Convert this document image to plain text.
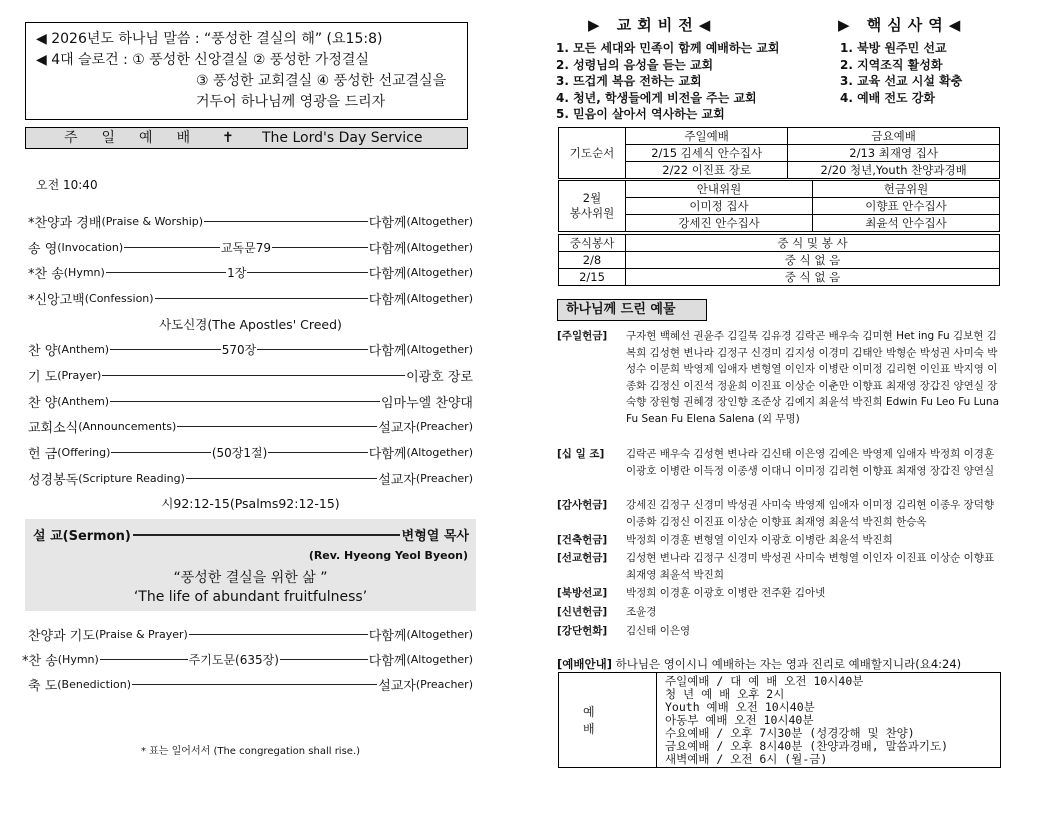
◀ 2026년도 하나님 말씀 : “풍성한 결실의 해” (요15:8)
◀ 4대 슬로건 : ① 풍성한 신앙결실 ② 풍성한 가정결실
③ 풍성한 교회결실 ④ 풍성한 선교결실을
거두어 하나님께 영광을 드리자
주일예배 ✝ The Lord's Day Service
오전 10:40
*찬양과 경배 (Praise & Worship)	다함께 (Altogether)
송 영 (Invocation)	교독문79	다함께 (Altogether)
*찬 송 (Hymn)	1장	다함께 (Altogether)
*신앙고백 (Confession)	다함께 (Altogether)
사도신경(The Apostles' Creed)
찬 양 (Anthem)	570장	다함께 (Altogether)
기 도 (Prayer)	이광호 장로
찬 양 (Anthem)	임마누엘 찬양대
교회소식 (Announcements)	설교자 (Preacher)
헌 금 (Offering)	(50장1절)	다함께 (Altogether)
성경봉독 (Scripture Reading)	설교자 (Preacher)
시92:12-15(Psalms92:12-15)
설 교(Sermon)	변형열 목사
(Rev. Hyeong Yeol Byeon)
“풍성한 결실을 위한 삶 ”
‘The life of abundant fruitfulness’
찬양과 기도 (Praise & Prayer)	다함께 (Altogether)
*찬 송 (Hymn)	주기도문(635장)	다함께 (Altogether)
축 도 (Benediction)	설교자 (Preacher)
* 표는 일어서서 (The congregation shall rise.)
▶ 교회비전◀	▶ 핵심사역◀
1. 모든 세대와 민족이 함께 예배하는 교회
2. 성령님의 음성을 듣는 교회
3. 뜨겁게 복음 전하는 교회
4. 청년, 학생들에게 비전을 주는 교회
5. 믿음이 살아서 역사하는 교회
1. 북방 원주민 선교
2. 지역조직 활성화
3. 교육 선교 시설 확충
4. 예배 전도 강화
기도순서	주일예배	금요예배
	2/15 김세식 안수집사	2/13 최재영 집사
	2/22 이진표 장로	2/20 청년,Youth 찬양과경배
2월
봉사위원	안내위원	헌금위원
	이미정 집사	이향표 안수집사
	강세진 안수집사	최윤석 안수집사
중식봉사	중 식 및 봉 사
2/8	중 식 없 음
2/15	중 식 없 음
하나님께 드린 예물
[주일헌금] 구자현 백혜선 권윤주 김길묵 김유경 김락곤 배우숙 김미현 Het ing Fu 김보현 김복희 김성현 변나라 김정구 신경미 김지성 이경미 김태안 박형순 박성권 사미숙 박성수 이문희 박영제 임애자 변형열 이인자 이병란 이미정 김리현 이인표 박지영 이종화 김정신 이진석 정윤희 이진표 이상순 이춘만 이향표 최재영 장갑진 양연실 장숙향 장원형 권혜경 장인향 조준상 김예지 최윤석 박진희 Edwin Fu Leo Fu Luna Fu Sean Fu Elena Salena (외 무명)
[십 일 조] 김락곤 배우숙 김성현 변나라 김신태 이은영 김예은 박영제 임애자 박정희 이경훈 이광호 이병란 이득정 이종생 이대니 이미정 김리현 이향표 최재영 장갑진 양연실
[감사헌금] 강세진 김정구 신경미 박성권 사미숙 박영제 임애자 이미정 김리현 이종우 장덕향 이종화 김정신 이진표 이상순 이향표 최재영 최윤석 박진희 한승옥
[건축헌금] 박정희 이경훈 변형열 이인자 이광호 이병란 최윤석 박진희
[선교헌금] 김성현 변나라 김정구 신경미 박성권 사미숙 변형열 이인자 이진표 이상순 이향표 최재영 최윤석 박진희
[북방선교] 박정희 이경훈 이광호 이병란 전주환 김아넷
[신년헌금] 조윤경
[강단헌화] 김신태 이은영
[예배안내] 하나님은 영이시니 예배하는 자는 영과 진리로 예배할지니라(요4:24)
예배
주일예배 / 대 예 배 오전 10시40분
청 년 예 배 오후 2시
Youth 예배 오전 10시40분
아동부 예배 오전 10시40분
수요예배 / 오후 7시30분 (성경강해 및 찬양)
금요예배 / 오후 8시40분 (찬양과경배, 말씀과기도)
새벽예배 / 오전 6시 (월-금)
